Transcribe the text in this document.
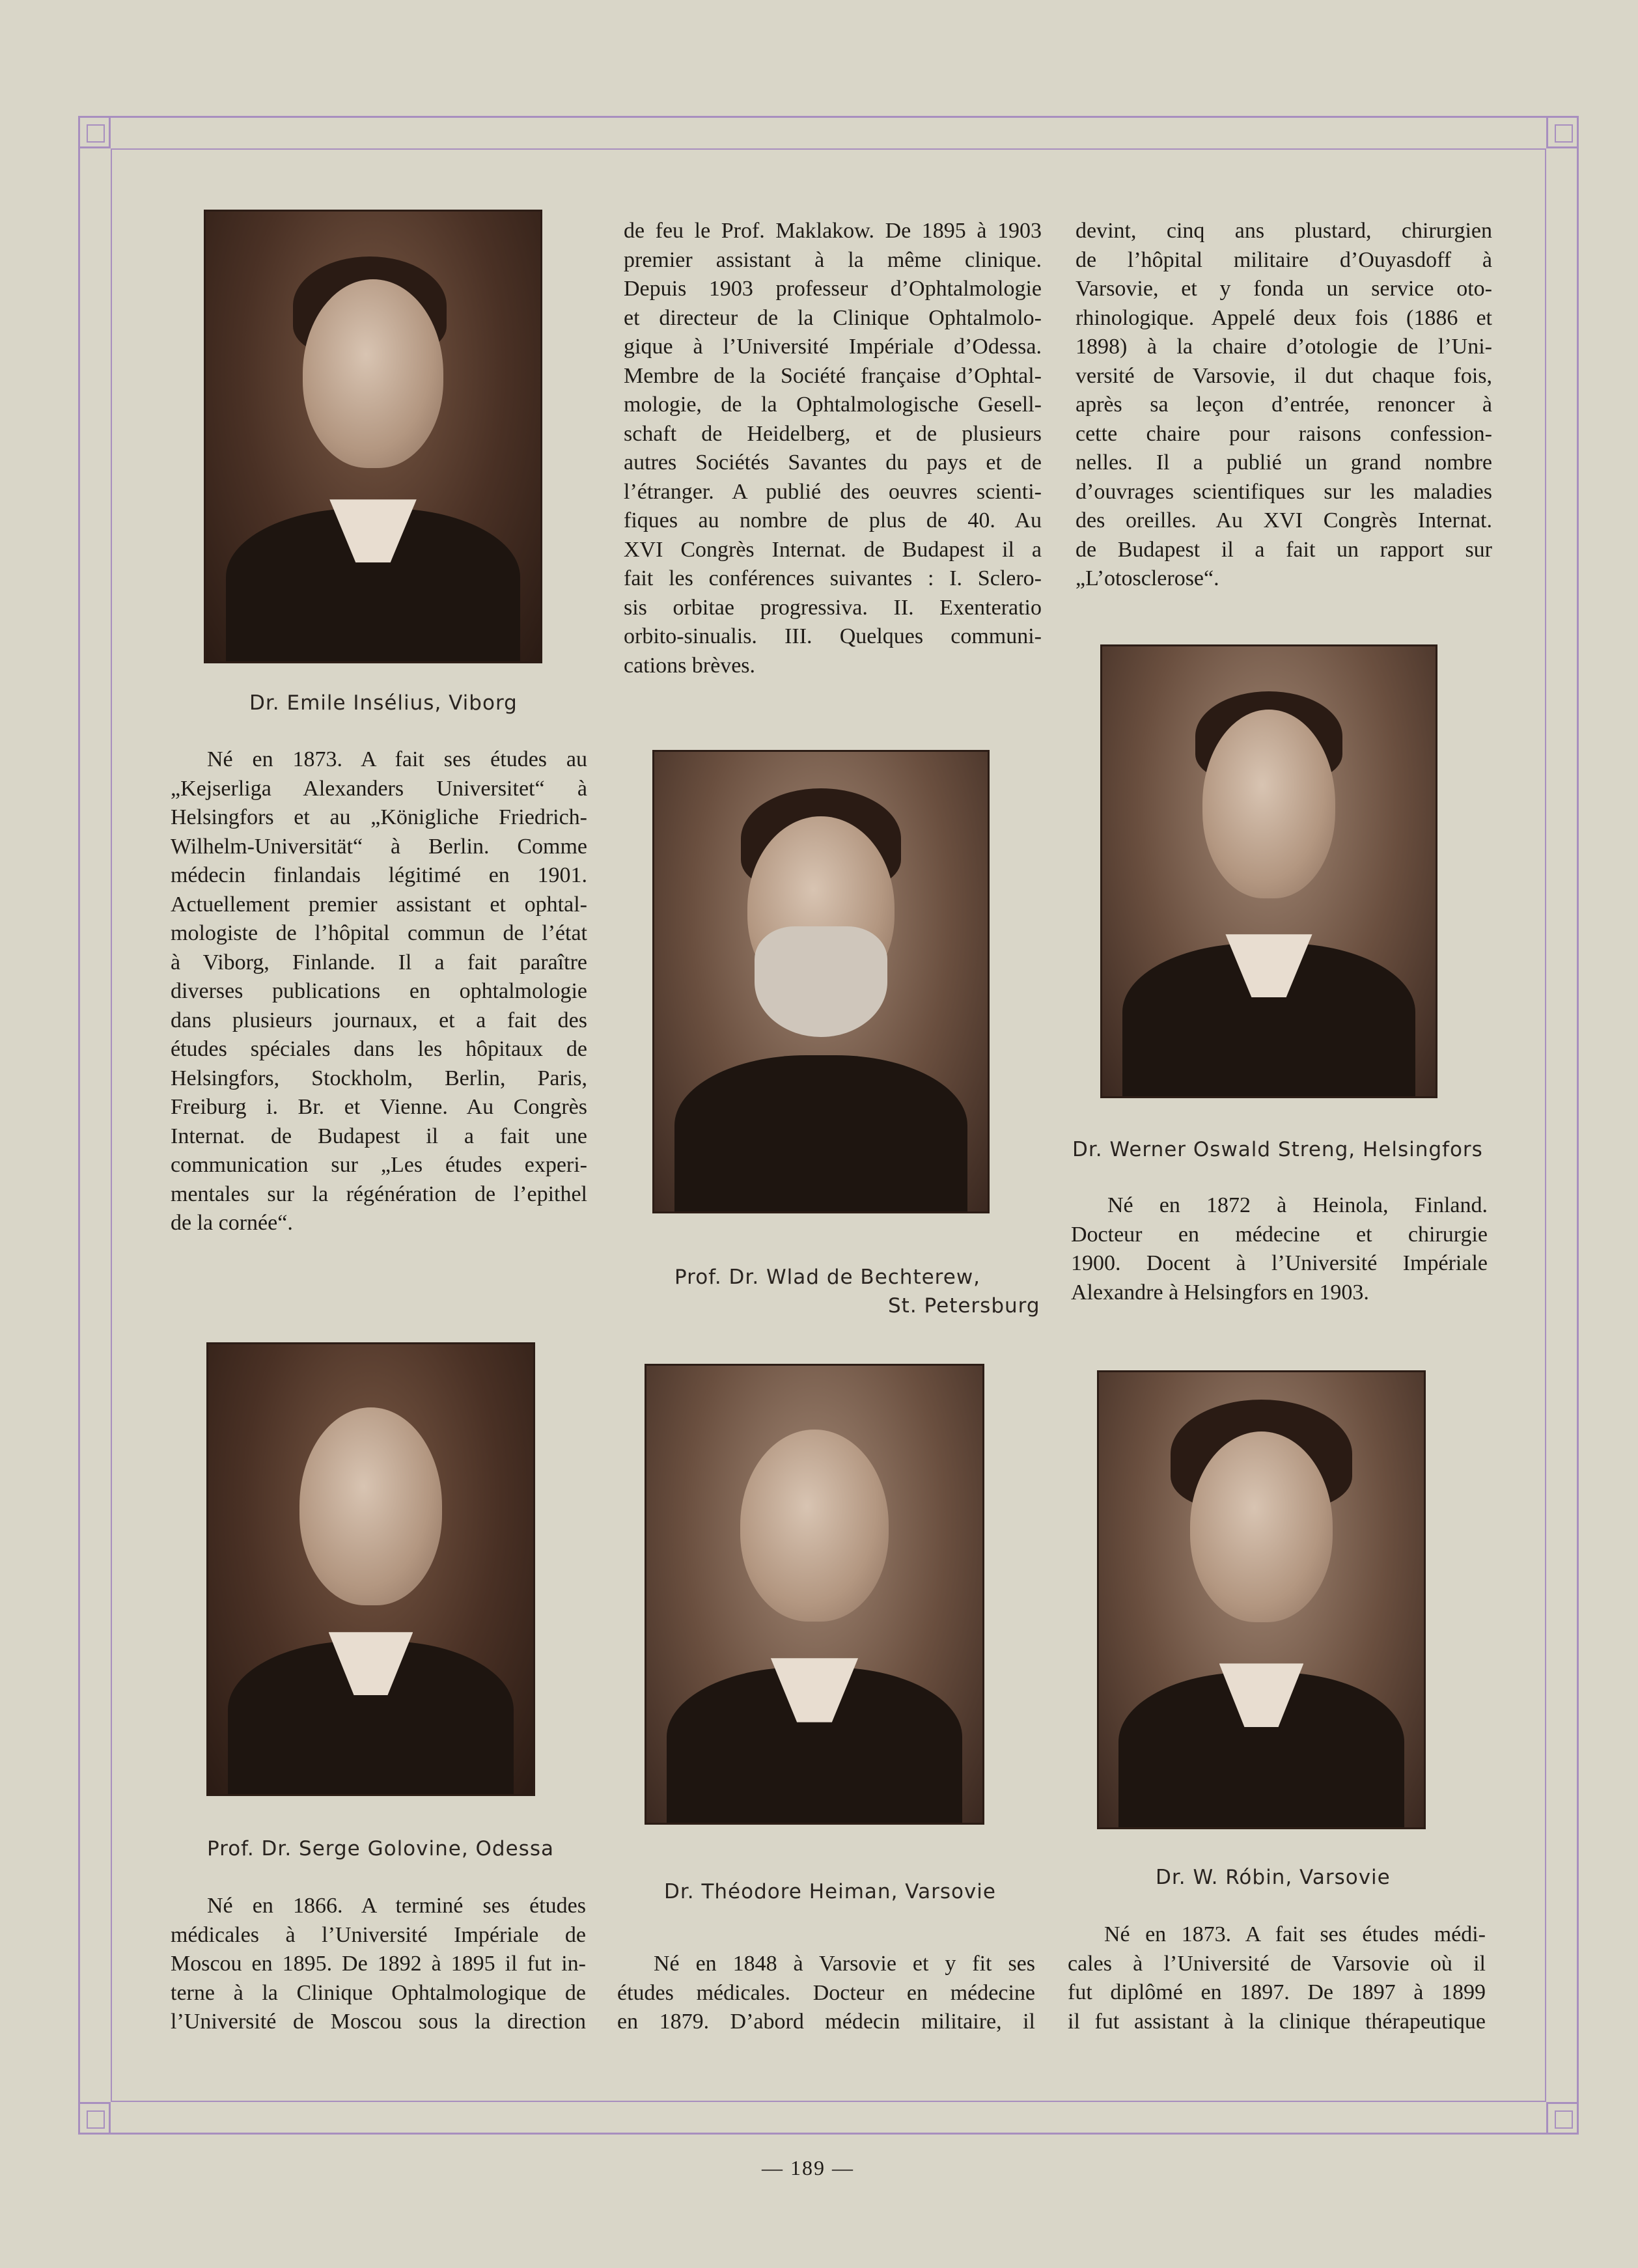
Dr. Emile Insélius, Viborg
Prof. Dr. Wlad de Bechterew,
St. Petersburg
Dr. Werner Oswald Streng, Helsingfors
Prof. Dr. Serge Golovine, Odessa
Dr. Théodore Heiman, Varsovie
Dr. W. Róbin, Varsovie
Né en 1873. A fait ses études au
„Kejserliga Alexanders Universitet“ à
Helsingfors et au „Königliche Friedrich-
Wilhelm-Universität“ à Berlin. Comme
médecin finlandais légitimé en 1901.
Actuellement premier assistant et ophtal-
mologiste de l’hôpital commun de l’état
à Viborg, Finlande. Il a fait paraître
diverses publications en ophtalmologie
dans plusieurs journaux, et a fait des
études spéciales dans les hôpitaux de
Helsingfors, Stockholm, Berlin, Paris,
Freiburg i. Br. et Vienne. Au Congrès
Internat. de Budapest il a fait une
communication sur „Les études experi-
mentales sur la régénération de l’epithel
de la cornée“.
de feu le Prof. Maklakow. De 1895 à 1903
premier assistant à la même clinique.
Depuis 1903 professeur d’Ophtalmologie
et directeur de la Clinique Ophtalmolo-
gique à l’Université Impériale d’Odessa.
Membre de la Société française d’Ophtal-
mologie, de la Ophtalmologische Gesell-
schaft de Heidelberg, et de plusieurs
autres Sociétés Savantes du pays et de
l’étranger. A publié des oeuvres scienti-
fiques au nombre de plus de 40. Au
XVI Congrès Internat. de Budapest il a
fait les conférences suivantes : I. Sclero-
sis orbitae progressiva. II. Exenteratio
orbito-sinualis. III. Quelques communi-
cations brèves.
devint, cinq ans plustard, chirurgien
de l’hôpital militaire d’Ouyasdoff à
Varsovie, et y fonda un service oto-
rhinologique. Appelé deux fois (1886 et
1898) à la chaire d’otologie de l’Uni-
versité de Varsovie, il dut chaque fois,
après sa leçon d’entrée, renoncer à
cette chaire pour raisons confession-
nelles. Il a publié un grand nombre
d’ouvrages scientifiques sur les maladies
des oreilles. Au XVI Congrès Internat.
de Budapest il a fait un rapport sur
„L’otosclerose“.
Né en 1872 à Heinola, Finland.
Docteur en médecine et chirurgie
1900. Docent à l’Université Impériale
Alexandre à Helsingfors en 1903.
Né en 1866. A terminé ses études
médicales à l’Université Impériale de
Moscou en 1895. De 1892 à 1895 il fut in-
terne à la Clinique Ophtalmologique de
l’Université de Moscou sous la direction
Né en 1848 à Varsovie et y fit ses
études médicales. Docteur en médecine
en 1879. D’abord médecin militaire, il
Né en 1873. A fait ses études médi-
cales à l’Université de Varsovie où il
fut diplômé en 1897. De 1897 à 1899
il fut assistant à la clinique thérapeutique
— 189 —
